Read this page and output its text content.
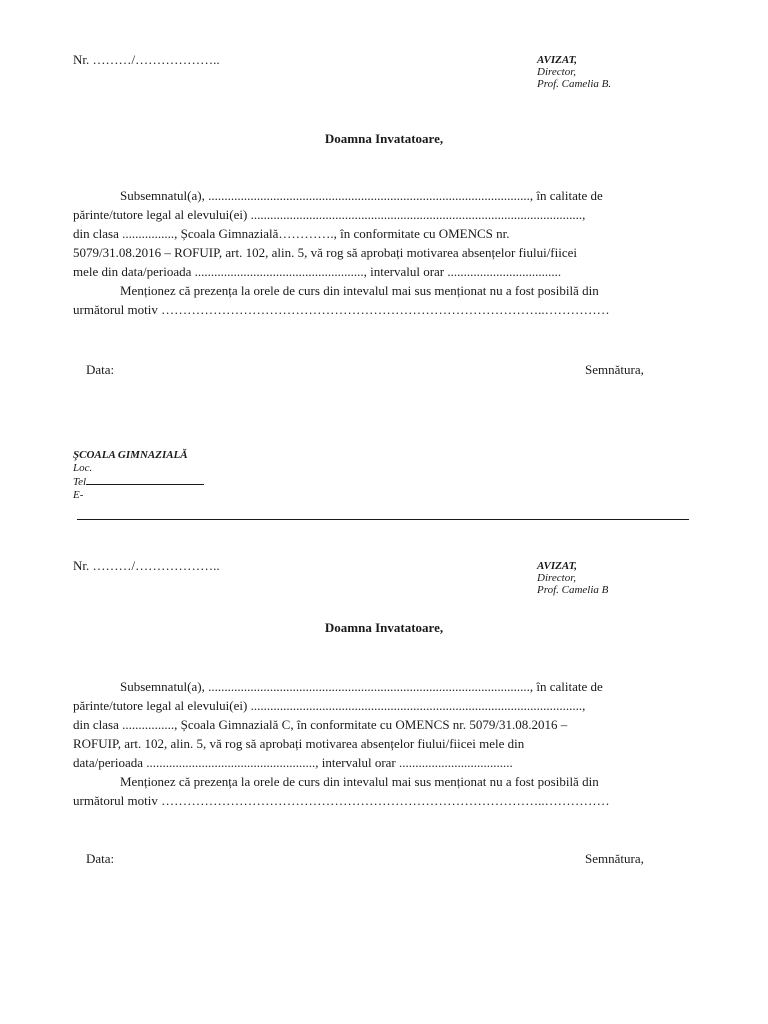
Nr. ………/………………..	AVIZAT,
Director,
Prof. Camelia B.
Doamna Invatatoare,

Subsemnatul(a), ..................................................................................................., în calitate de

părinte/tutore legal al elevului(ei) ......................................................................................................,

din clasa ................, Școala Gimnazială…………., în conformitate cu OMENCS nr.

5079/31.08.2016 – ROFUIP, art. 102, alin. 5, vă rog să aprobați motivarea absențelor fiului/fiicei

mele din data/perioada ...................................................., intervalul orar ...................................

Menționez că prezența la orele de curs din intevalul mai sus menționat nu a fost posibilă din

următorul motiv ……………………………………………………………………………..……………

Data:	Semnătura,
ŞCOALA GIMNAZIALĂ
Loc.
Tel
E-
Nr. ………/………………..	AVIZAT,
Director,
Prof. Camelia B
Doamna Invatatoare,

Subsemnatul(a), ..................................................................................................., în calitate de

părinte/tutore legal al elevului(ei) ......................................................................................................,

din clasa ................, Școala Gimnazială C, în conformitate cu OMENCS nr. 5079/31.08.2016 –

ROFUIP, art. 102, alin. 5, vă rog să aprobați motivarea absențelor fiului/fiicei mele din

data/perioada ...................................................., intervalul orar ...................................

Menționez că prezența la orele de curs din intevalul mai sus menționat nu a fost posibilă din

următorul motiv ……………………………………………………………………………..……………

Data:	Semnătura,
